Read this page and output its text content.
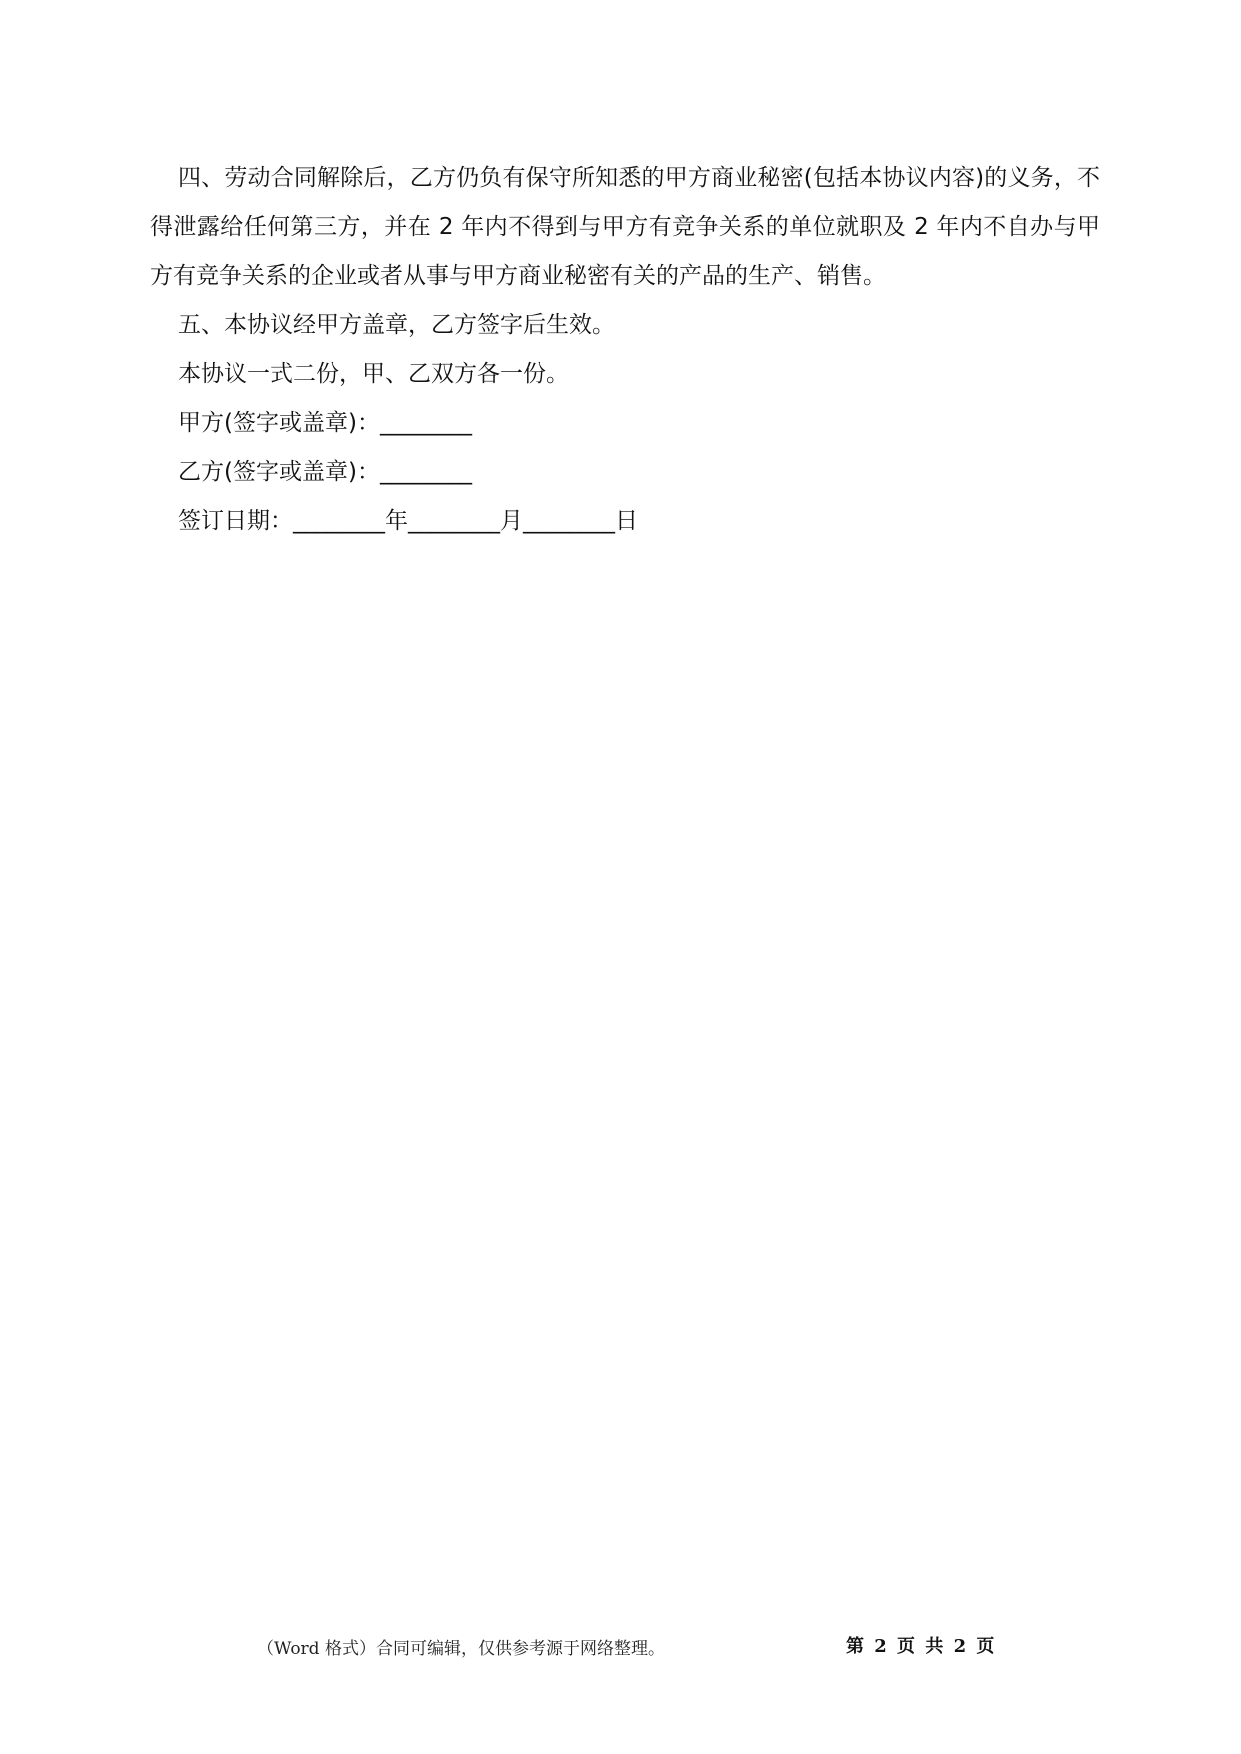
四、劳动合同解除后，乙方仍负有保守所知悉的甲方商业秘密(包括本协议内容)的义务，不得泄露给任何第三方，并在 2 年内不得到与甲方有竞争关系的单位就职及 2 年内不自办与甲方有竞争关系的企业或者从事与甲方商业秘密有关的产品的生产、销售。

五、本协议经甲方盖章，乙方签字后生效。

本协议一式二份，甲、乙双方各一份。

甲方(签字或盖章)：________

乙方(签字或盖章)：________

签订日期：________年________月________日

（Word 格式）合同可编辑，仅供参考源于网络整理。	第 2 页 共 2 页
